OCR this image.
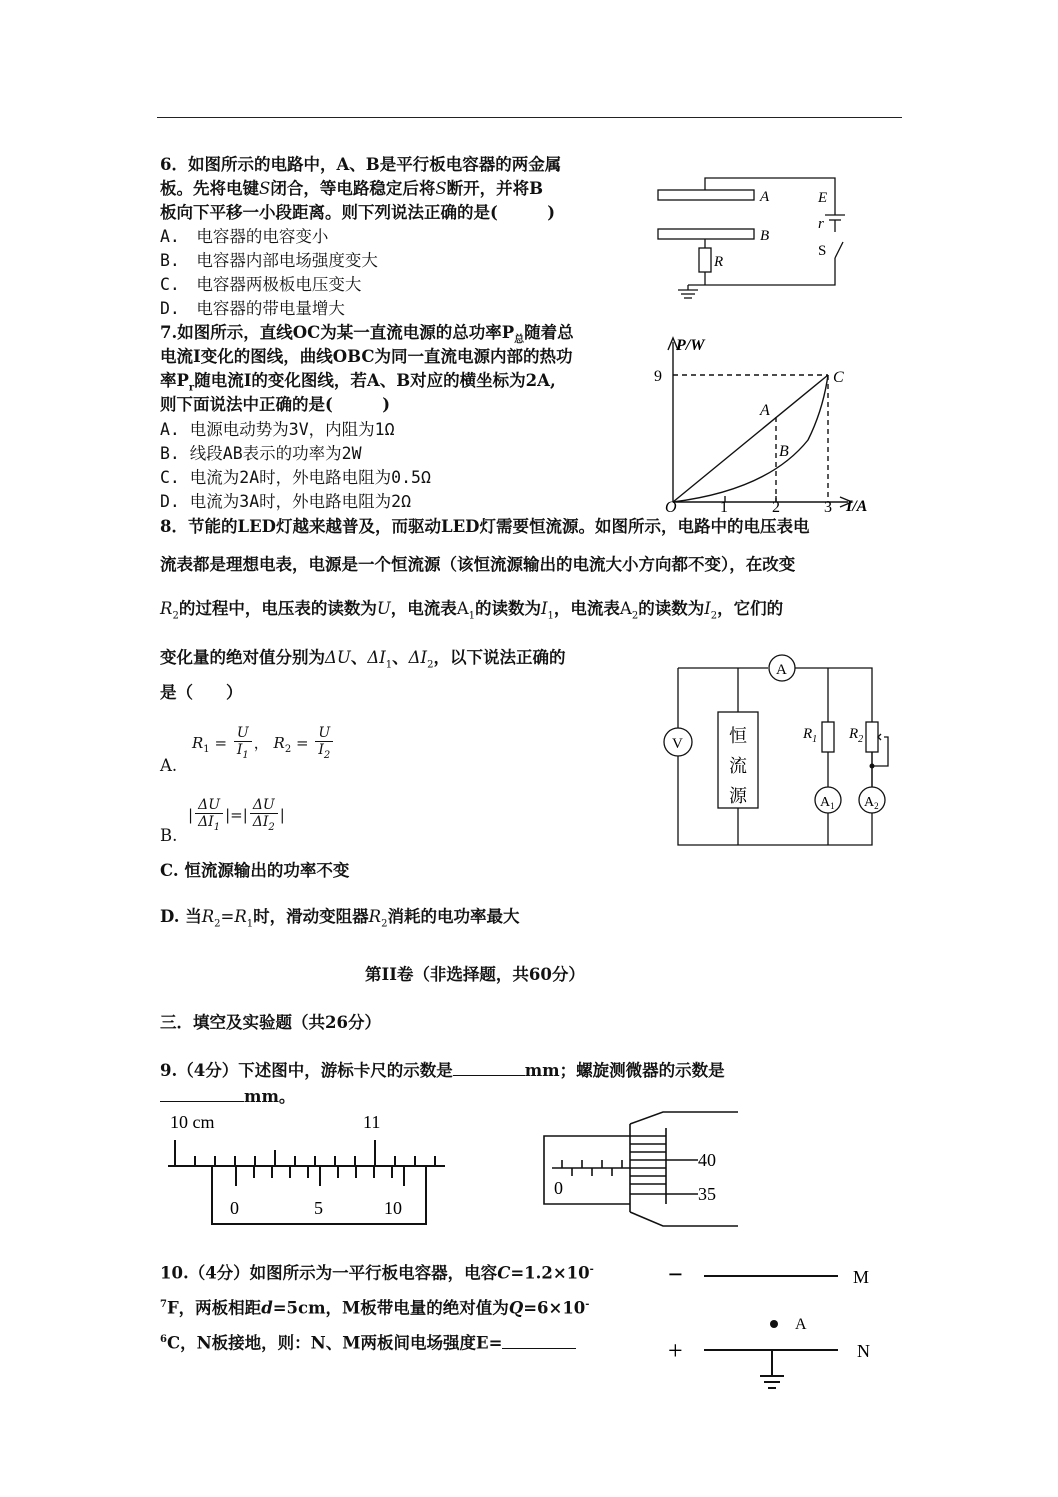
6．如图所示的电路中，A、B是平行板电容器的两金属
板。先将电键S闭合，等电路稳定后将S断开，并将B
板向下平移一小段距离。则下列说法正确的是(　　　)
A.　电容器的电容变小
B.　电容器内部电场强度变大
C.　电容器两极板电压变大
D.　电容器的带电量增大
A
B
R
E
r
S
7.如图所示，直线OC为某一直流电源的总功率$P_总$随着总
电流I变化的图线，曲线OBC为同一直流电源内部的热功
率$P_r$随电流I的变化图线，若A、B对应的横坐标为2A,
则下面说法中正确的是(　　　)
A. 电源电动势为3V，内阻为1Ω
B. 线段AB表示的功率为2W
C. 电流为2A时，外电路电阻为0.5Ω
D. 电流为3A时，外电路电阻为2Ω
P/W
I/A
9
O	1	2	3
A
B
C
8．节能的LED灯越来越普及，而驱动LED灯需要恒流源。如图所示，电路中的电压表电
流表都是理想电表，电源是一个恒流源（该恒流源输出的电流大小方向都不变），在改变
$R_2$的过程中，电压表的读数为U，电流表$A_1$的读数为$I_1$，电流表$A_2$的读数为$I_2$，它们的
变化量的绝对值分别为ΔU、$\Delta I_1$、$\Delta I_2$，以下说法正确的
是（　　）
A.
$R_1 = \frac{U}{I_1}$ ， $R_2 = \frac{U}{I_2}$
B.
| $\frac{\Delta U}{\Delta I_1}$ |=| $\frac{\Delta U}{\Delta I_2}$ |
C. 恒流源输出的功率不变
D. 当$R_2=R_1$时，滑动变阻器$R_2$消耗的电功率最大
A
V	恒
流
源
$R_1$ $R_2$
$A_1$ $A_2$
第II卷（非选择题，共60分）
三．填空及实验题（共26分）
9.（4分）下述图中，游标卡尺的示数是	mm；螺旋测微器的示数是
mm。
10 cm	11
0	5	10
40
35
0
10.（4分）如图所示为一平行板电容器，电容C=1.2×10-
$^7$F，两板相距d=5cm，M板带电量的绝对值为Q=6×10-
$^6$C，N板接地，则：N、M两板间电场强度E=
−
+
M
N
A
